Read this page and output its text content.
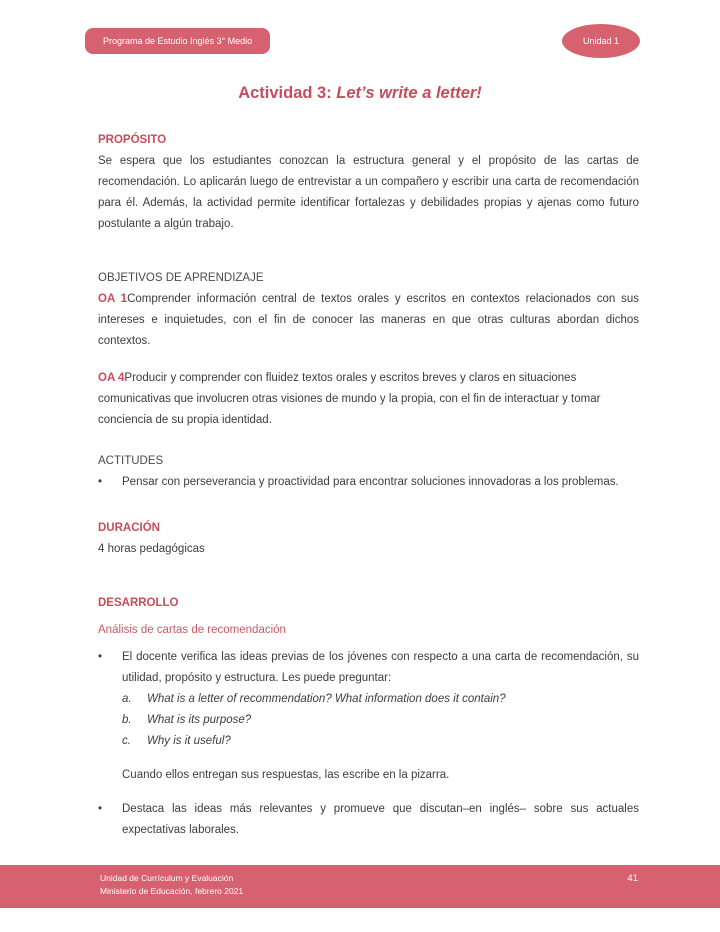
Programa de Estudio Inglés 3° Medio	Unidad 1
Actividad 3: Let’s write a letter!
PROPÓSITO
Se espera que los estudiantes conozcan la estructura general y el propósito de las cartas de recomendación. Lo aplicarán luego de entrevistar a un compañero y escribir una carta de recomendación para él. Además, la actividad permite identificar fortalezas y debilidades propias y ajenas como futuro postulante a algún trabajo.
OBJETIVOS DE APRENDIZAJE
OA 1Comprender información central de textos orales y escritos en contextos relacionados con sus intereses e inquietudes, con el fin de conocer las maneras en que otras culturas abordan dichos contextos.
OA 4Producir y comprender con fluidez textos orales y escritos breves y claros en situaciones comunicativas que involucren otras visiones de mundo y la propia, con el fin de interactuar y tomar conciencia de su propia identidad.
ACTITUDES
•	Pensar con perseverancia y proactividad para encontrar soluciones innovadoras a los problemas.
DURACIÓN
4 horas pedagógicas
DESARROLLO
Análisis de cartas de recomendación
•	El docente verifica las ideas previas de los jóvenes con respecto a una carta de recomendación, su utilidad, propósito y estructura. Les puede preguntar:
a.	What is a letter of recommendation? What information does it contain?
b.	What is its purpose?
c.	Why is it useful?
Cuando ellos entregan sus respuestas, las escribe en la pizarra.
•	Destaca las ideas más relevantes y promueve que discutan–en inglés– sobre sus actuales expectativas laborales.
Unidad de Currículum y Evaluación
Ministerio de Educación, febrero 2021
41
